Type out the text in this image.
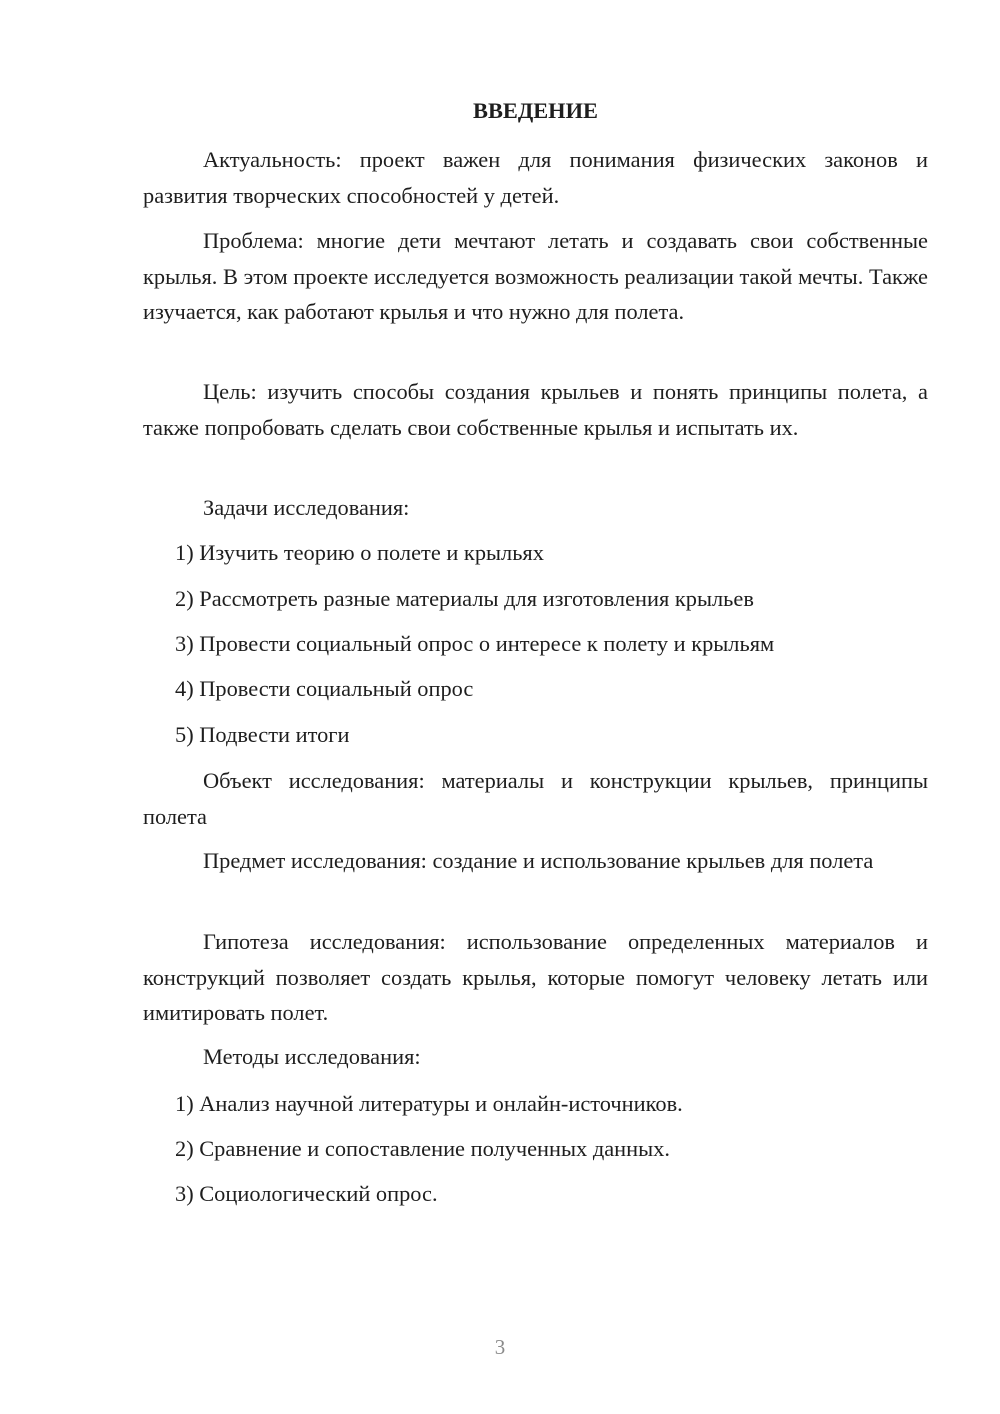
ВВЕДЕНИЕ

Актуальность: проект важен для понимания физических законов и развития творческих способностей у детей.

Проблема: многие дети мечтают летать и создавать свои собственные крылья. В этом проекте исследуется возможность реализации такой мечты. Также изучается, как работают крылья и что нужно для полета.

Цель: изучить способы создания крыльев и понять принципы полета, а также попробовать сделать свои собственные крылья и испытать их.

Задачи исследования:

1) Изучить теорию о полете и крыльях

2) Рассмотреть разные материалы для изготовления крыльев

3) Провести социальный опрос о интересе к полету и крыльям

4) Провести социальный опрос

5) Подвести итоги

Объект исследования: материалы и конструкции крыльев, принципы полета

Предмет исследования: создание и использование крыльев для полета

Гипотеза исследования: использование определенных материалов и конструкций позволяет создать крылья, которые помогут человеку летать или имитировать полет.

Методы исследования:

1) Анализ научной литературы и онлайн-источников.

2) Сравнение и сопоставление полученных данных.

3) Социологический опрос.

3
